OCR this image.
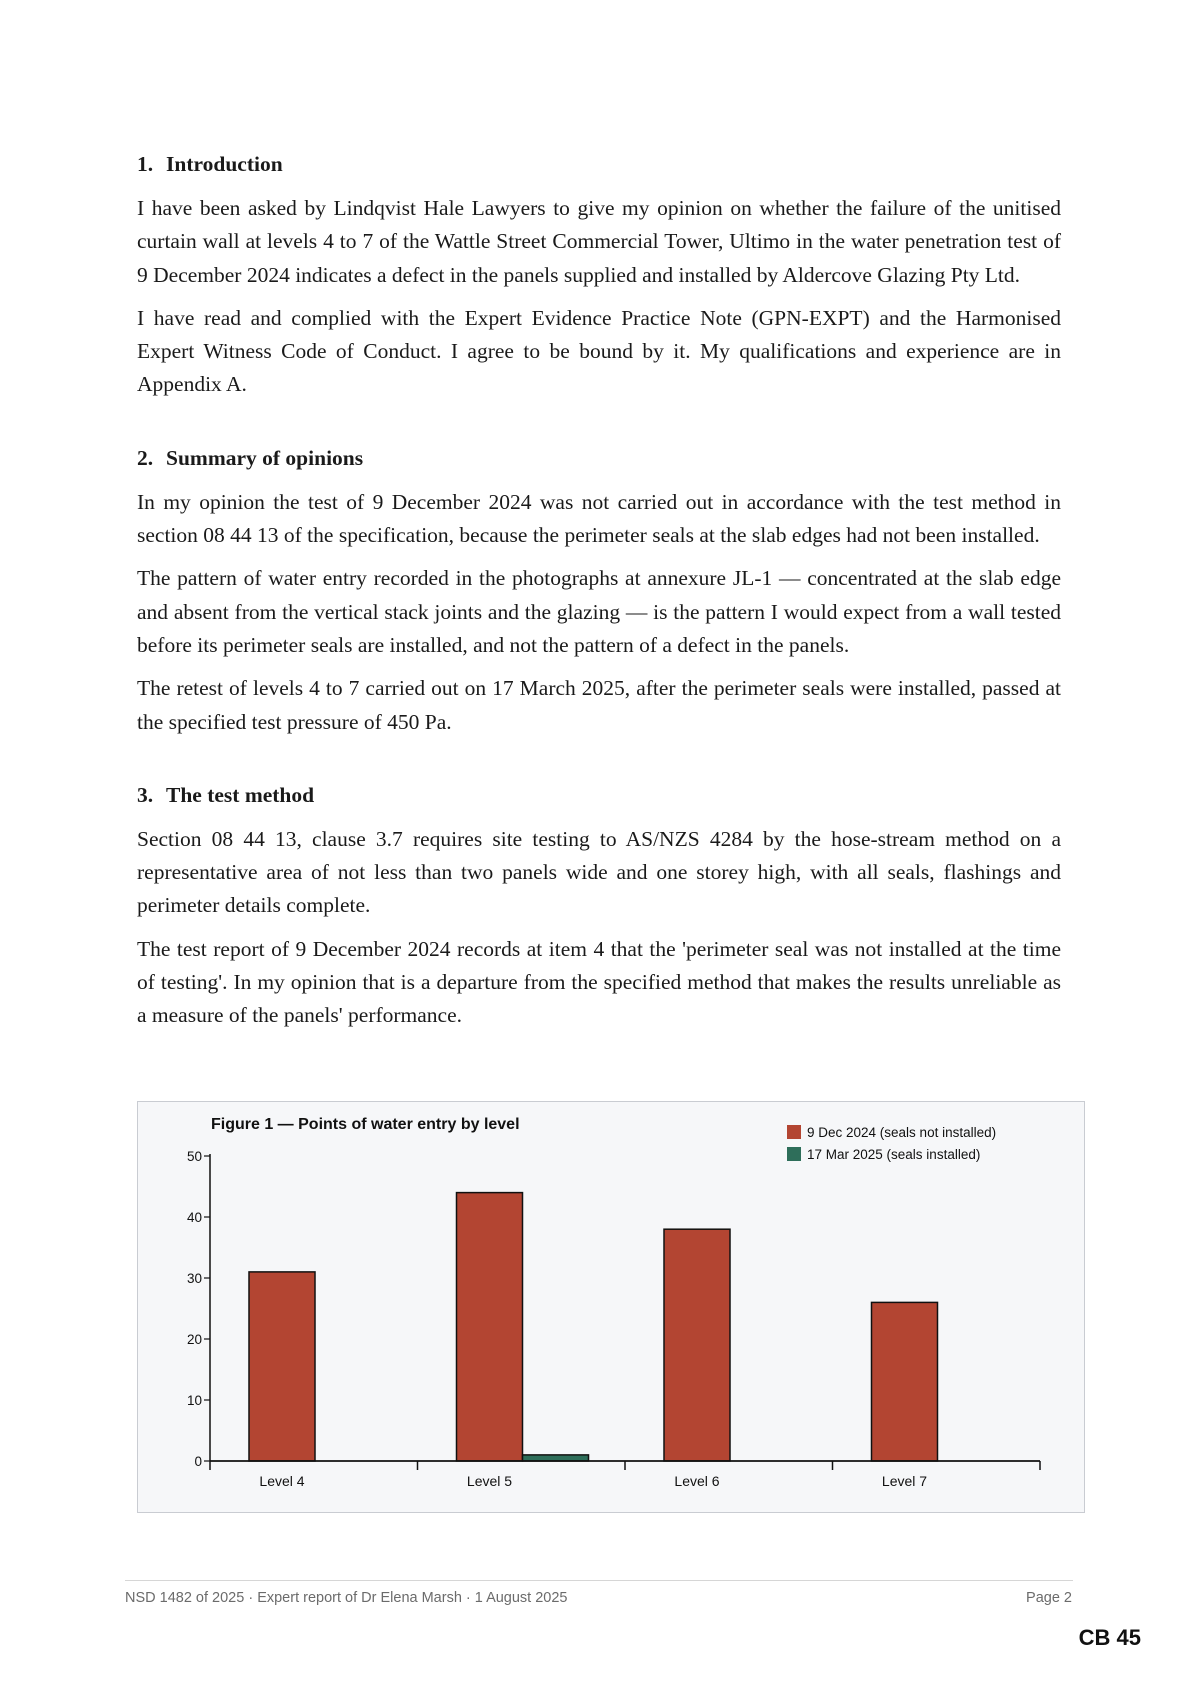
1. Introduction

I have been asked by Lindqvist Hale Lawyers to give my opinion on whether the failure of the unitised curtain wall at levels 4 to 7 of the Wattle Street Commercial Tower, Ultimo in the water penetration test of 9 December 2024 indicates a defect in the panels supplied and installed by Aldercove Glazing Pty Ltd.

I have read and complied with the Expert Evidence Practice Note (GPN-EXPT) and the Harmonised Expert Witness Code of Conduct. I agree to be bound by it. My qualifications and experience are in Appendix A.

2. Summary of opinions

In my opinion the test of 9 December 2024 was not carried out in accordance with the test method in section 08 44 13 of the specification, because the perimeter seals at the slab edges had not been installed.

The pattern of water entry recorded in the photographs at annexure JL-1 — concentrated at the slab edge and absent from the vertical stack joints and the glazing — is the pattern I would expect from a wall tested before its perimeter seals are installed, and not the pattern of a defect in the panels.

The retest of levels 4 to 7 carried out on 17 March 2025, after the perimeter seals were installed, passed at the specified test pressure of 450 Pa.

3. The test method

Section 08 44 13, clause 3.7 requires site testing to AS/NZS 4284 by the hose-stream method on a representative area of not less than two panels wide and one storey high, with all seals, flashings and perimeter details complete.

The test report of 9 December 2024 records at item 4 that the 'perimeter seal was not installed at the time of testing'. In my opinion that is a departure from the specified method that makes the results unreliable as a measure of the panels' performance.

Figure 1 — Points of water entry by level	9 Dec 2024 (seals not installed)
17 Mar 2025 (seals installed)
0
10
20
30
40
50
Level 4	Level 5	Level 6	Level 7
NSD 1482 of 2025 · Expert report of Dr Elena Marsh · 1 August 2025	Page 2
CB 45
